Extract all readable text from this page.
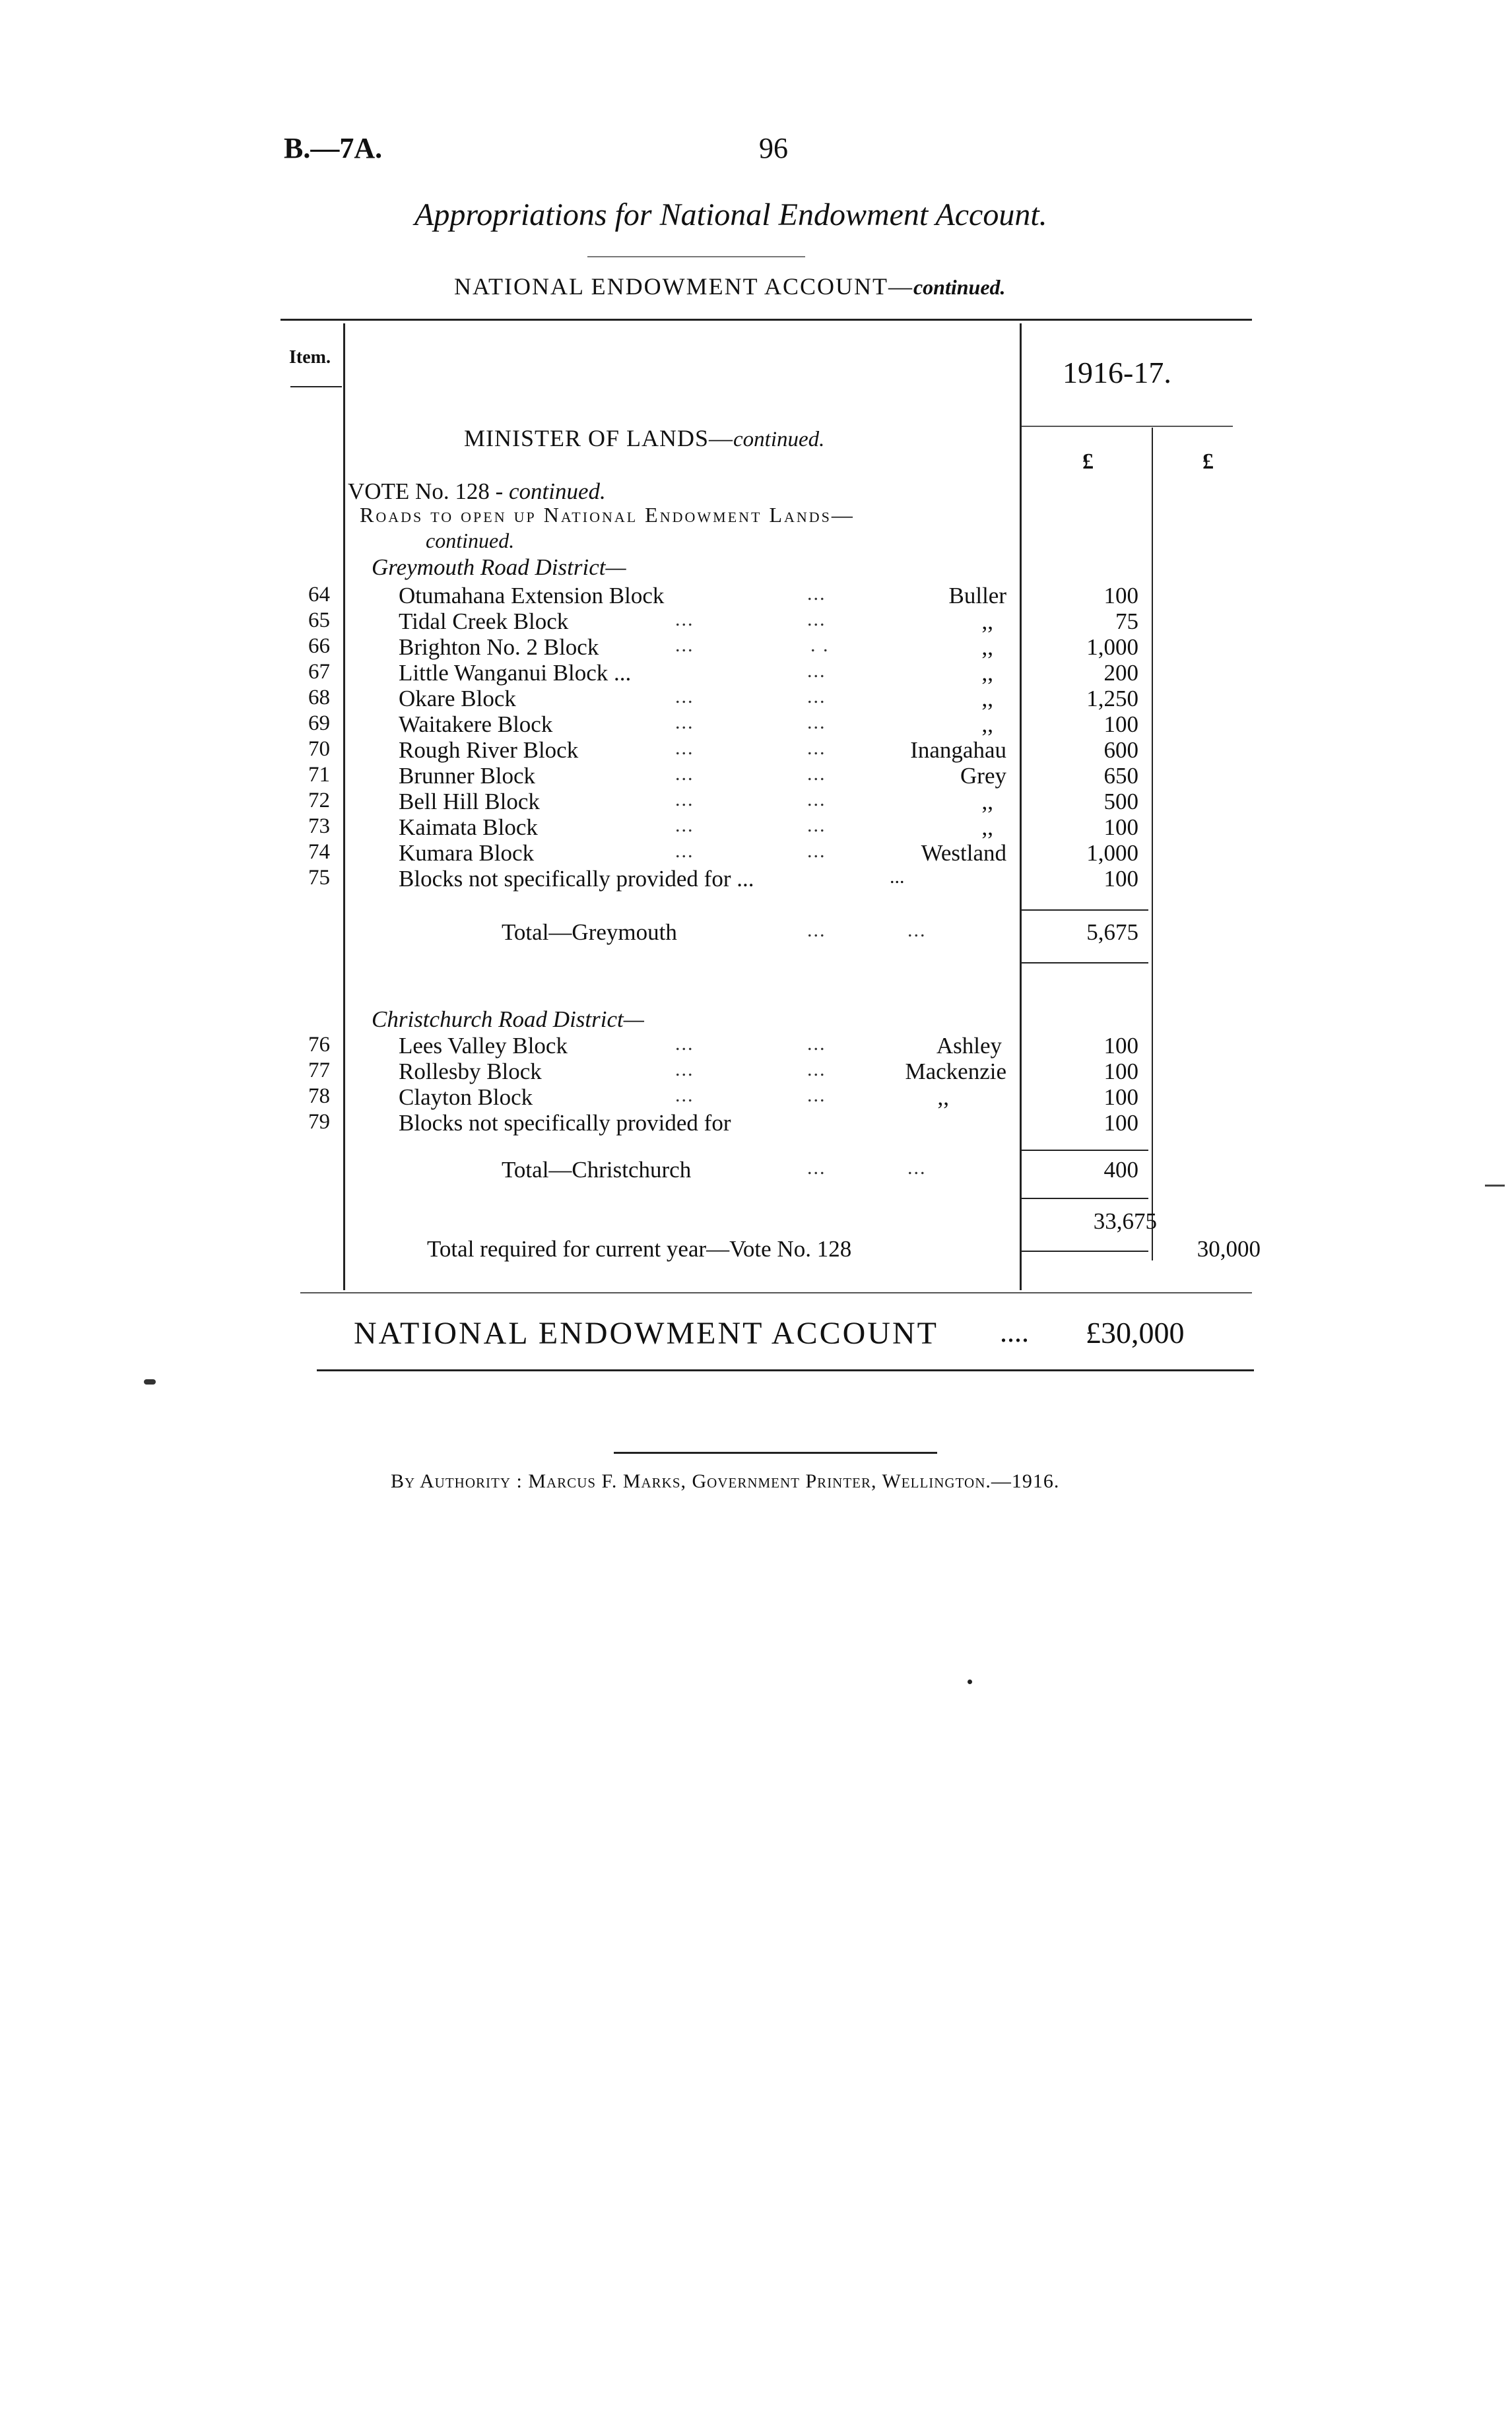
B.—7A.	96
Appropriations for National Endowment Account.
NATIONAL ENDOWMENT ACCOUNT—continued.
Item.	1916-17.
£	£
MINISTER OF LANDS—continued.
VOTE No. 128 - continued.
Roads to open up National Endowment Lands—
continued.
Greymouth Road District—
64	Otumahana Extension Block	...	Buller	100
65	Tidal Creek Block	...	...	,,	75
66	Brighton No. 2 Block	...	. .	,,	1,000
67	Little Wanganui Block ...	...	,,	200
68	Okare Block	...	...	,,	1,250
69	Waitakere Block	...	...	,,	100
70	Rough River Block	...	...	Inangahau	600
71	Brunner Block	...	...	Grey	650
72	Bell Hill Block	...	...	,,	500
73	Kaimata Block	...	...	,,	100
74	Kumara Block	...	...	Westland	1,000
75	Blocks not specifically provided for ...	...	100
Total—Greymouth	...	...	5,675
Christchurch Road District—
76	Lees Valley Block	...	...	Ashley	100
77	Rollesby Block	...	...	Mackenzie	100
78	Clayton Block	...	...	,,	100
79	Blocks not specifically provided for	100
Total—Christchurch	...	...	400
33,675
Total required for current year—Vote No. 128	30,000
NATIONAL ENDOWMENT ACCOUNT .... £30,000
By Authority : Marcus F. Marks, Government Printer, Wellington.—1916.
